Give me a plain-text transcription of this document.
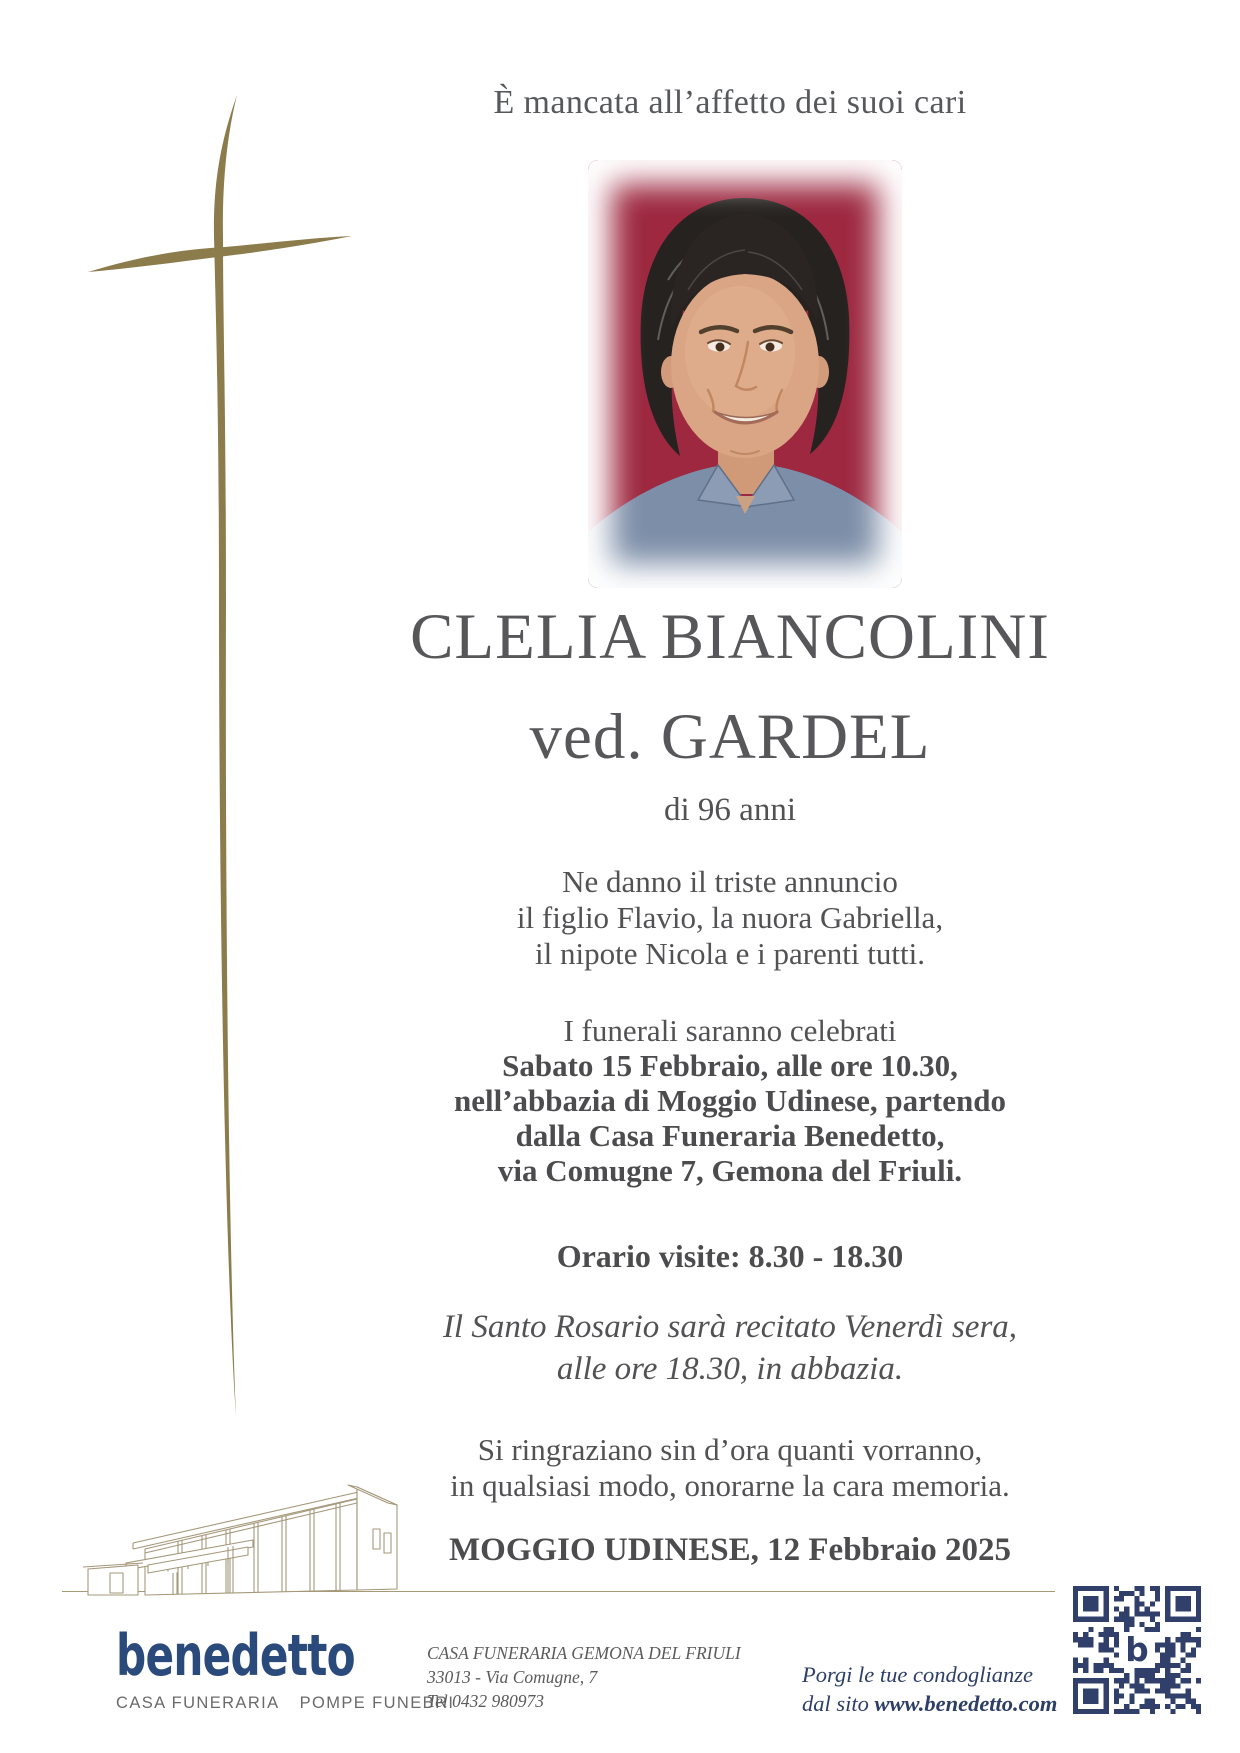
È mancata all’affetto dei suoi cari
CLELIA BIANCOLINI
ved. GARDEL
di 96 anni
Ne danno il triste annuncio
il figlio Flavio, la nuora Gabriella,
il nipote Nicola e i parenti tutti.
I funerali saranno celebrati
Sabato 15 Febbraio, alle ore 10.30,
nell’abbazia di Moggio Udinese, partendo
dalla Casa Funeraria Benedetto,
via Comugne 7, Gemona del Friuli.
Orario visite: 8.30 - 18.30
Il Santo Rosario sarà recitato Venerdì sera,
alle ore 18.30, in abbazia.
Si ringraziano sin d’ora quanti vorranno,
in qualsiasi modo, onorarne la cara memoria.
MOGGIO UDINESE, 12 Febbraio 2025
benedetto
CASA FUNERARIA POMPE FUNEBRI
CASA FUNERARIA GEMONA DEL FRIULI
33013 - Via Comugne, 7
Tel 0432 980973
Porgi le tue condoglianze
dal sito www.benedetto.com
b
